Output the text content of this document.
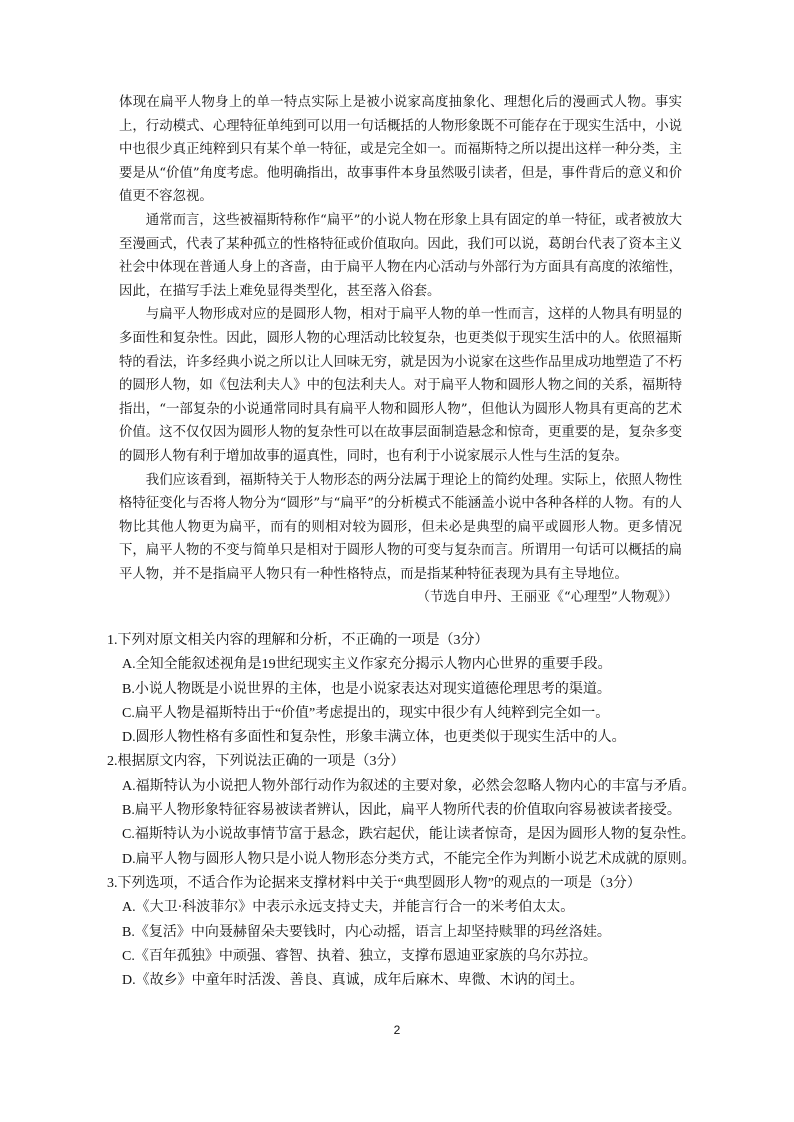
体现在扁平人物身上的单一特点实际上是被小说家高度抽象化、理想化后的漫画式人物。事实上，行动模式、心理特征单纯到可以用一句话概括的人物形象既不可能存在于现实生活中，小说中也很少真正纯粹到只有某个单一特征，或是完全如一。而福斯特之所以提出这样一种分类，主要是从“价值”角度考虑。他明确指出，故事事件本身虽然吸引读者，但是，事件背后的意义和价值更不容忽视。

通常而言，这些被福斯特称作“扁平”的小说人物在形象上具有固定的单一特征，或者被放大至漫画式，代表了某种孤立的性格特征或价值取向。因此，我们可以说，葛朗台代表了资本主义社会中体现在普通人身上的吝啬，由于扁平人物在内心活动与外部行为方面具有高度的浓缩性，因此，在描写手法上难免显得类型化，甚至落入俗套。

与扁平人物形成对应的是圆形人物，相对于扁平人物的单一性而言，这样的人物具有明显的多面性和复杂性。因此，圆形人物的心理活动比较复杂，也更类似于现实生活中的人。依照福斯特的看法，许多经典小说之所以让人回味无穷，就是因为小说家在这些作品里成功地塑造了不朽的圆形人物，如《包法利夫人》中的包法利夫人。对于扁平人物和圆形人物之间的关系，福斯特指出，“一部复杂的小说通常同时具有扁平人物和圆形人物”，但他认为圆形人物具有更高的艺术价值。这不仅仅因为圆形人物的复杂性可以在故事层面制造悬念和惊奇，更重要的是，复杂多变的圆形人物有利于增加故事的逼真性，同时，也有利于小说家展示人性与生活的复杂。

我们应该看到，福斯特关于人物形态的两分法属于理论上的简约处理。实际上，依照人物性格特征变化与否将人物分为“圆形”与“扁平”的分析模式不能涵盖小说中各种各样的人物。有的人物比其他人物更为扁平，而有的则相对较为圆形，但未必是典型的扁平或圆形人物。更多情况下，扁平人物的不变与简单只是相对于圆形人物的可变与复杂而言。所谓用一句话可以概括的扁平人物，并不是指扁平人物只有一种性格特点，而是指某种特征表现为具有主导地位。

（节选自申丹、王丽亚《“心理型”人物观》）

1.下列对原文相关内容的理解和分析，不正确的一项是（3分）

A.全知全能叙述视角是19世纪现实主义作家充分揭示人物内心世界的重要手段。

B.小说人物既是小说世界的主体，也是小说家表达对现实道德伦理思考的渠道。

C.扁平人物是福斯特出于“价值”考虑提出的，现实中很少有人纯粹到完全如一。

D.圆形人物性格有多面性和复杂性，形象丰满立体，也更类似于现实生活中的人。

2.根据原文内容，下列说法正确的一项是（3分）

A.福斯特认为小说把人物外部行动作为叙述的主要对象，必然会忽略人物内心的丰富与矛盾。

B.扁平人物形象特征容易被读者辨认，因此，扁平人物所代表的价值取向容易被读者接受。

C.福斯特认为小说故事情节富于悬念，跌宕起伏，能让读者惊奇，是因为圆形人物的复杂性。

D.扁平人物与圆形人物只是小说人物形态分类方式，不能完全作为判断小说艺术成就的原则。

3.下列选项，不适合作为论据来支撑材料中关于“典型圆形人物”的观点的一项是（3分）

A.《大卫·科波菲尔》中表示永远支持丈夫，并能言行合一的米考伯太太。

B.《复活》中向聂赫留朵夫要钱时，内心动摇，语言上却坚持赎罪的玛丝洛娃。

C.《百年孤独》中顽强、睿智、执着、独立，支撑布恩迪亚家族的乌尔苏拉。

D.《故乡》中童年时活泼、善良、真诚，成年后麻木、卑微、木讷的闰土。

2
